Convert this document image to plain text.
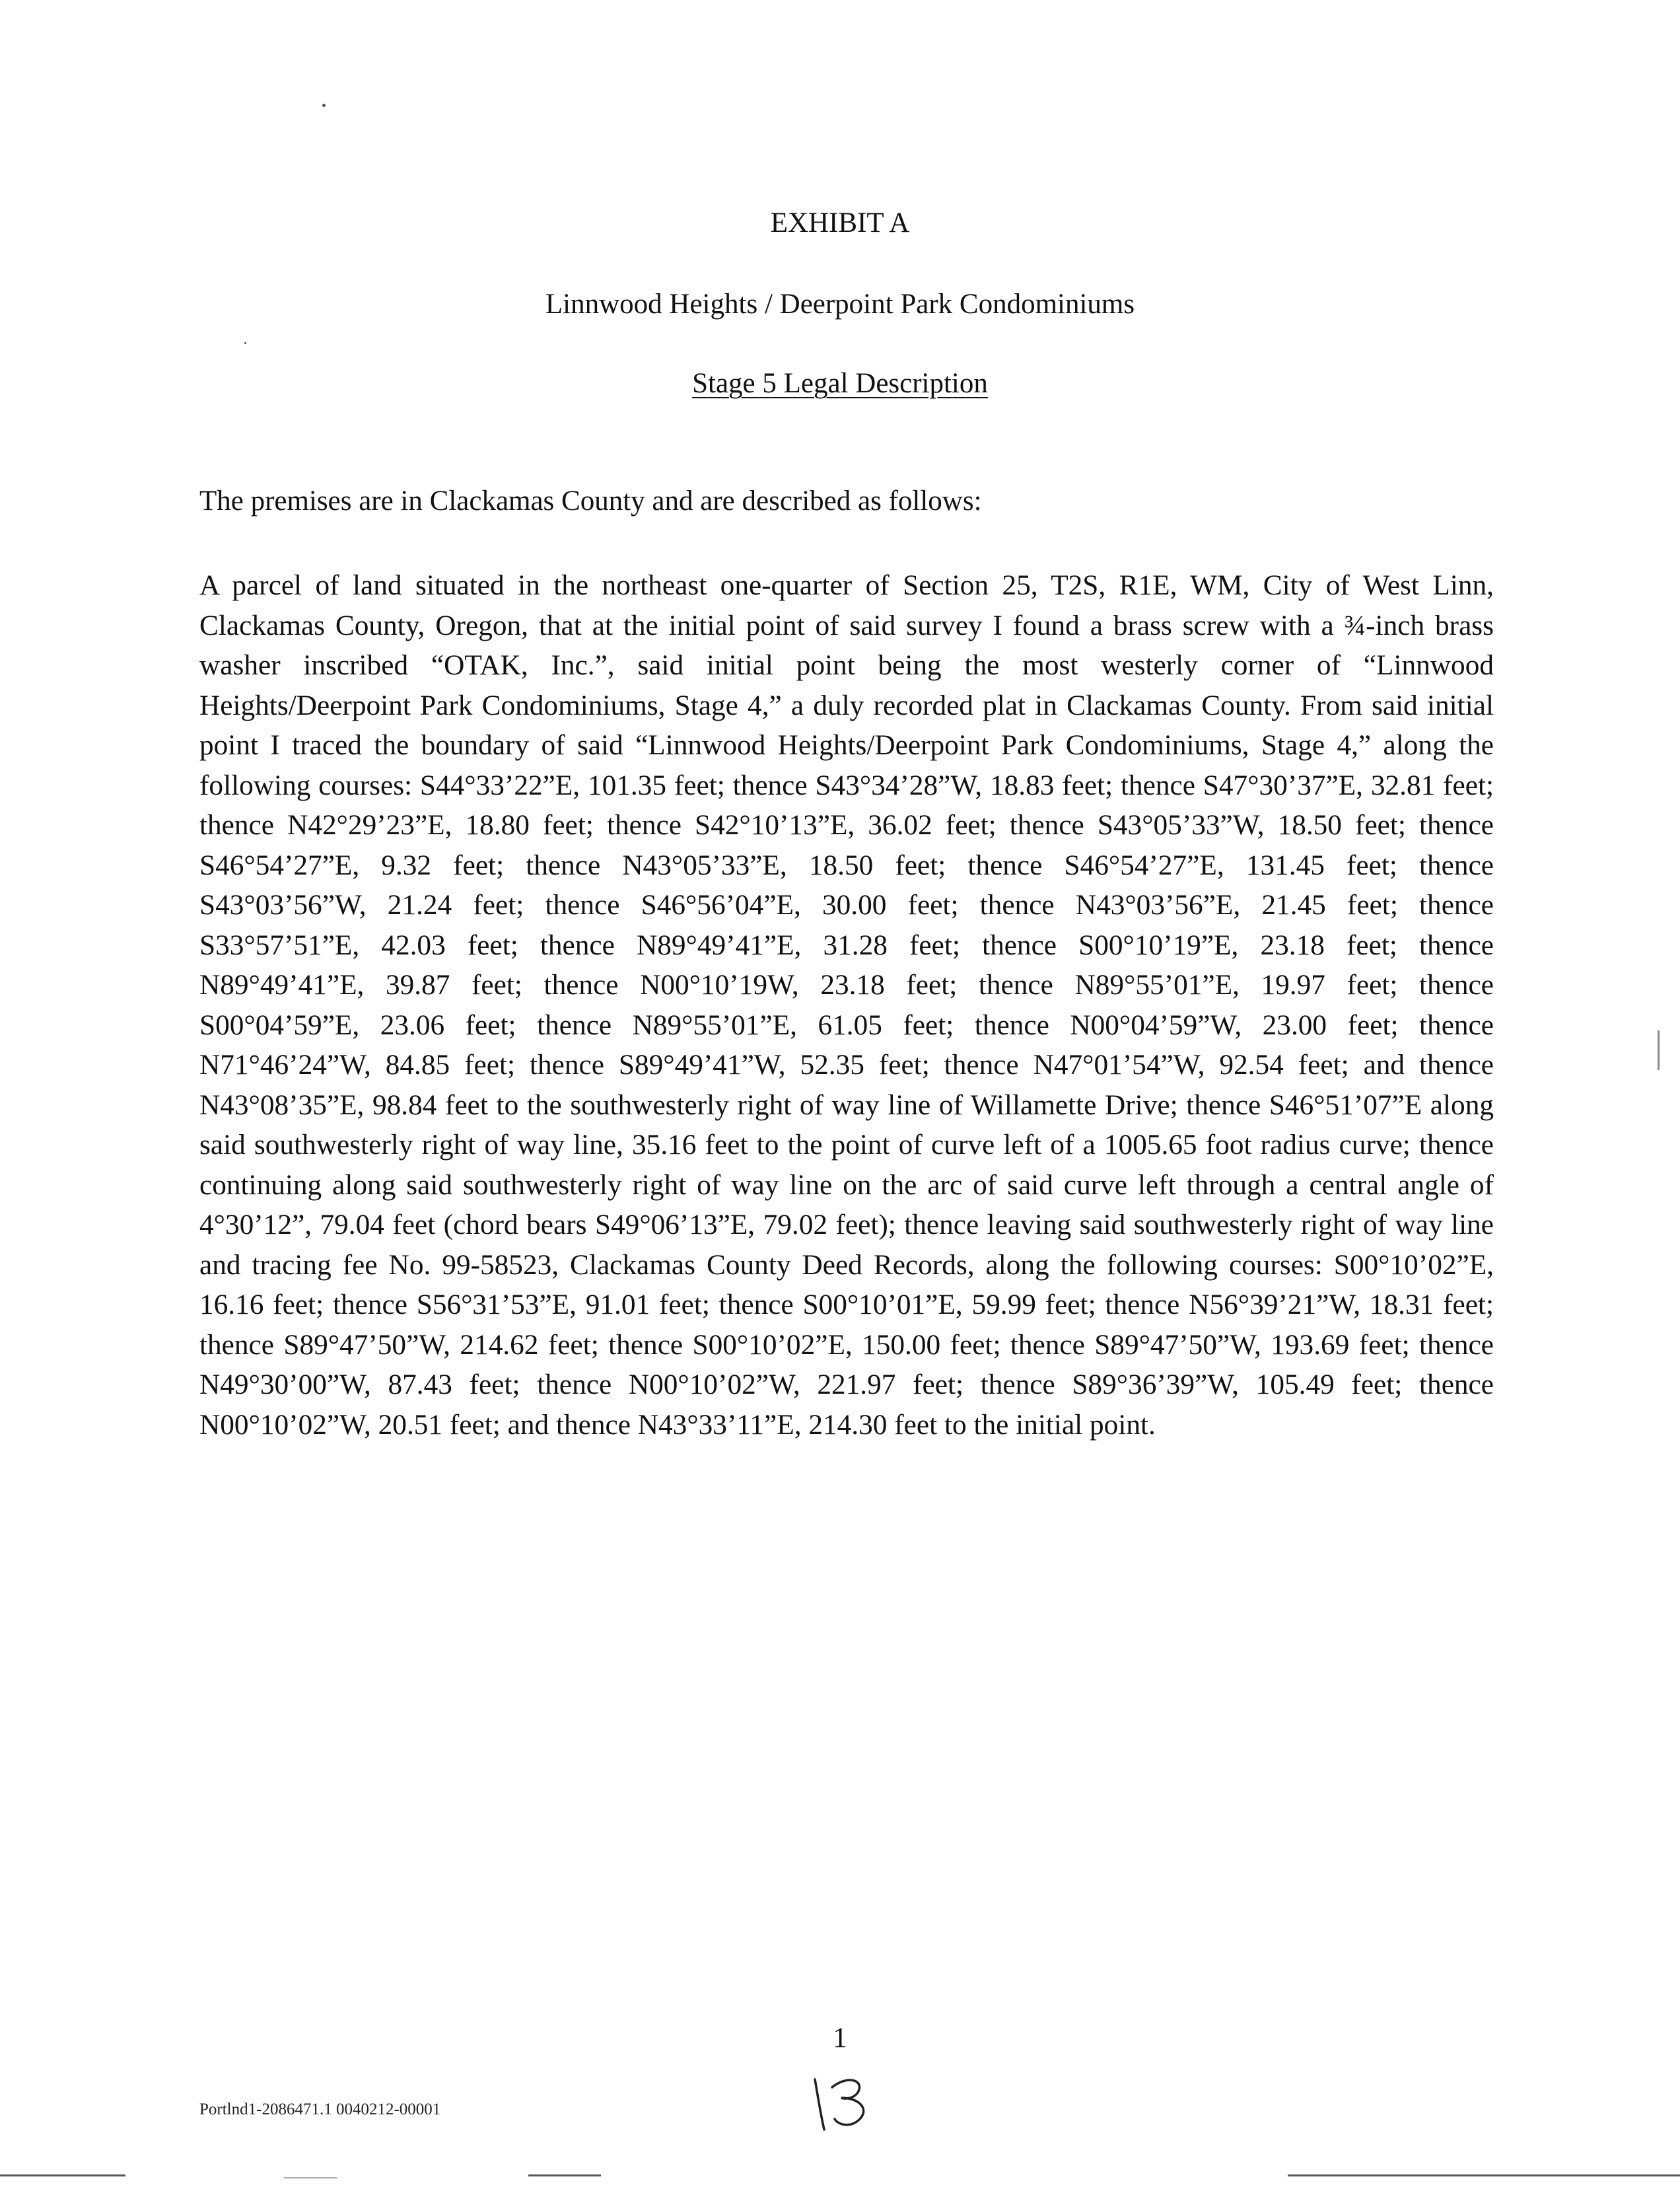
EXHIBIT A
Linnwood Heights / Deerpoint Park Condominiums
Stage 5 Legal Description
The premises are in Clackamas County and are described as follows:
A parcel of land situated in the northeast one-quarter of Section 25, T2S, R1E, WM, City of West Linn, Clackamas County, Oregon, that at the initial point of said survey I found a brass screw with a ¾-inch brass washer inscribed “OTAK, Inc.”, said initial point being the most westerly corner of “Linnwood Heights/Deerpoint Park Condominiums, Stage 4,” a duly recorded plat in Clackamas County. From said initial point I traced the boundary of said “Linnwood Heights/Deerpoint Park Condominiums, Stage 4,” along the following courses: S44°33’22”E, 101.35 feet; thence S43°34’28”W, 18.83 feet; thence S47°30’37”E, 32.81 feet; thence N42°29’23”E, 18.80 feet; thence S42°10’13”E, 36.02 feet; thence S43°05’33”W, 18.50 feet; thence S46°54’27”E, 9.32 feet; thence N43°05’33”E, 18.50 feet; thence S46°54’27”E, 131.45 feet; thence S43°03’56”W, 21.24 feet; thence S46°56’04”E, 30.00 feet; thence N43°03’56”E, 21.45 feet; thence S33°57’51”E, 42.03 feet; thence N89°49’41”E, 31.28 feet; thence S00°10’19”E, 23.18 feet; thence N89°49’41”E, 39.87 feet; thence N00°10’19W, 23.18 feet; thence N89°55’01”E, 19.97 feet; thence S00°04’59”E, 23.06 feet; thence N89°55’01”E, 61.05 feet; thence N00°04’59”W, 23.00 feet; thence N71°46’24”W, 84.85 feet; thence S89°49’41”W, 52.35 feet; thence N47°01’54”W, 92.54 feet; and thence N43°08’35”E, 98.84 feet to the southwesterly right of way line of Willamette Drive; thence S46°51’07”E along said southwesterly right of way line, 35.16 feet to the point of curve left of a 1005.65 foot radius curve; thence continuing along said southwesterly right of way line on the arc of said curve left through a central angle of 4°30’12”, 79.04 feet (chord bears S49°06’13”E, 79.02 feet); thence leaving said southwesterly right of way line and tracing fee No. 99-58523, Clackamas County Deed Records, along the following courses: S00°10’02”E, 16.16 feet; thence S56°31’53”E, 91.01 feet; thence S00°10’01”E, 59.99 feet; thence N56°39’21”W, 18.31 feet; thence S89°47’50”W, 214.62 feet; thence S00°10’02”E, 150.00 feet; thence S89°47’50”W, 193.69 feet; thence N49°30’00”W, 87.43 feet; thence N00°10’02”W, 221.97 feet; thence S89°36’39”W, 105.49 feet; thence N00°10’02”W, 20.51 feet; and thence N43°33’11”E, 214.30 feet to the initial point.
1
Portlnd1-2086471.1 0040212-00001
